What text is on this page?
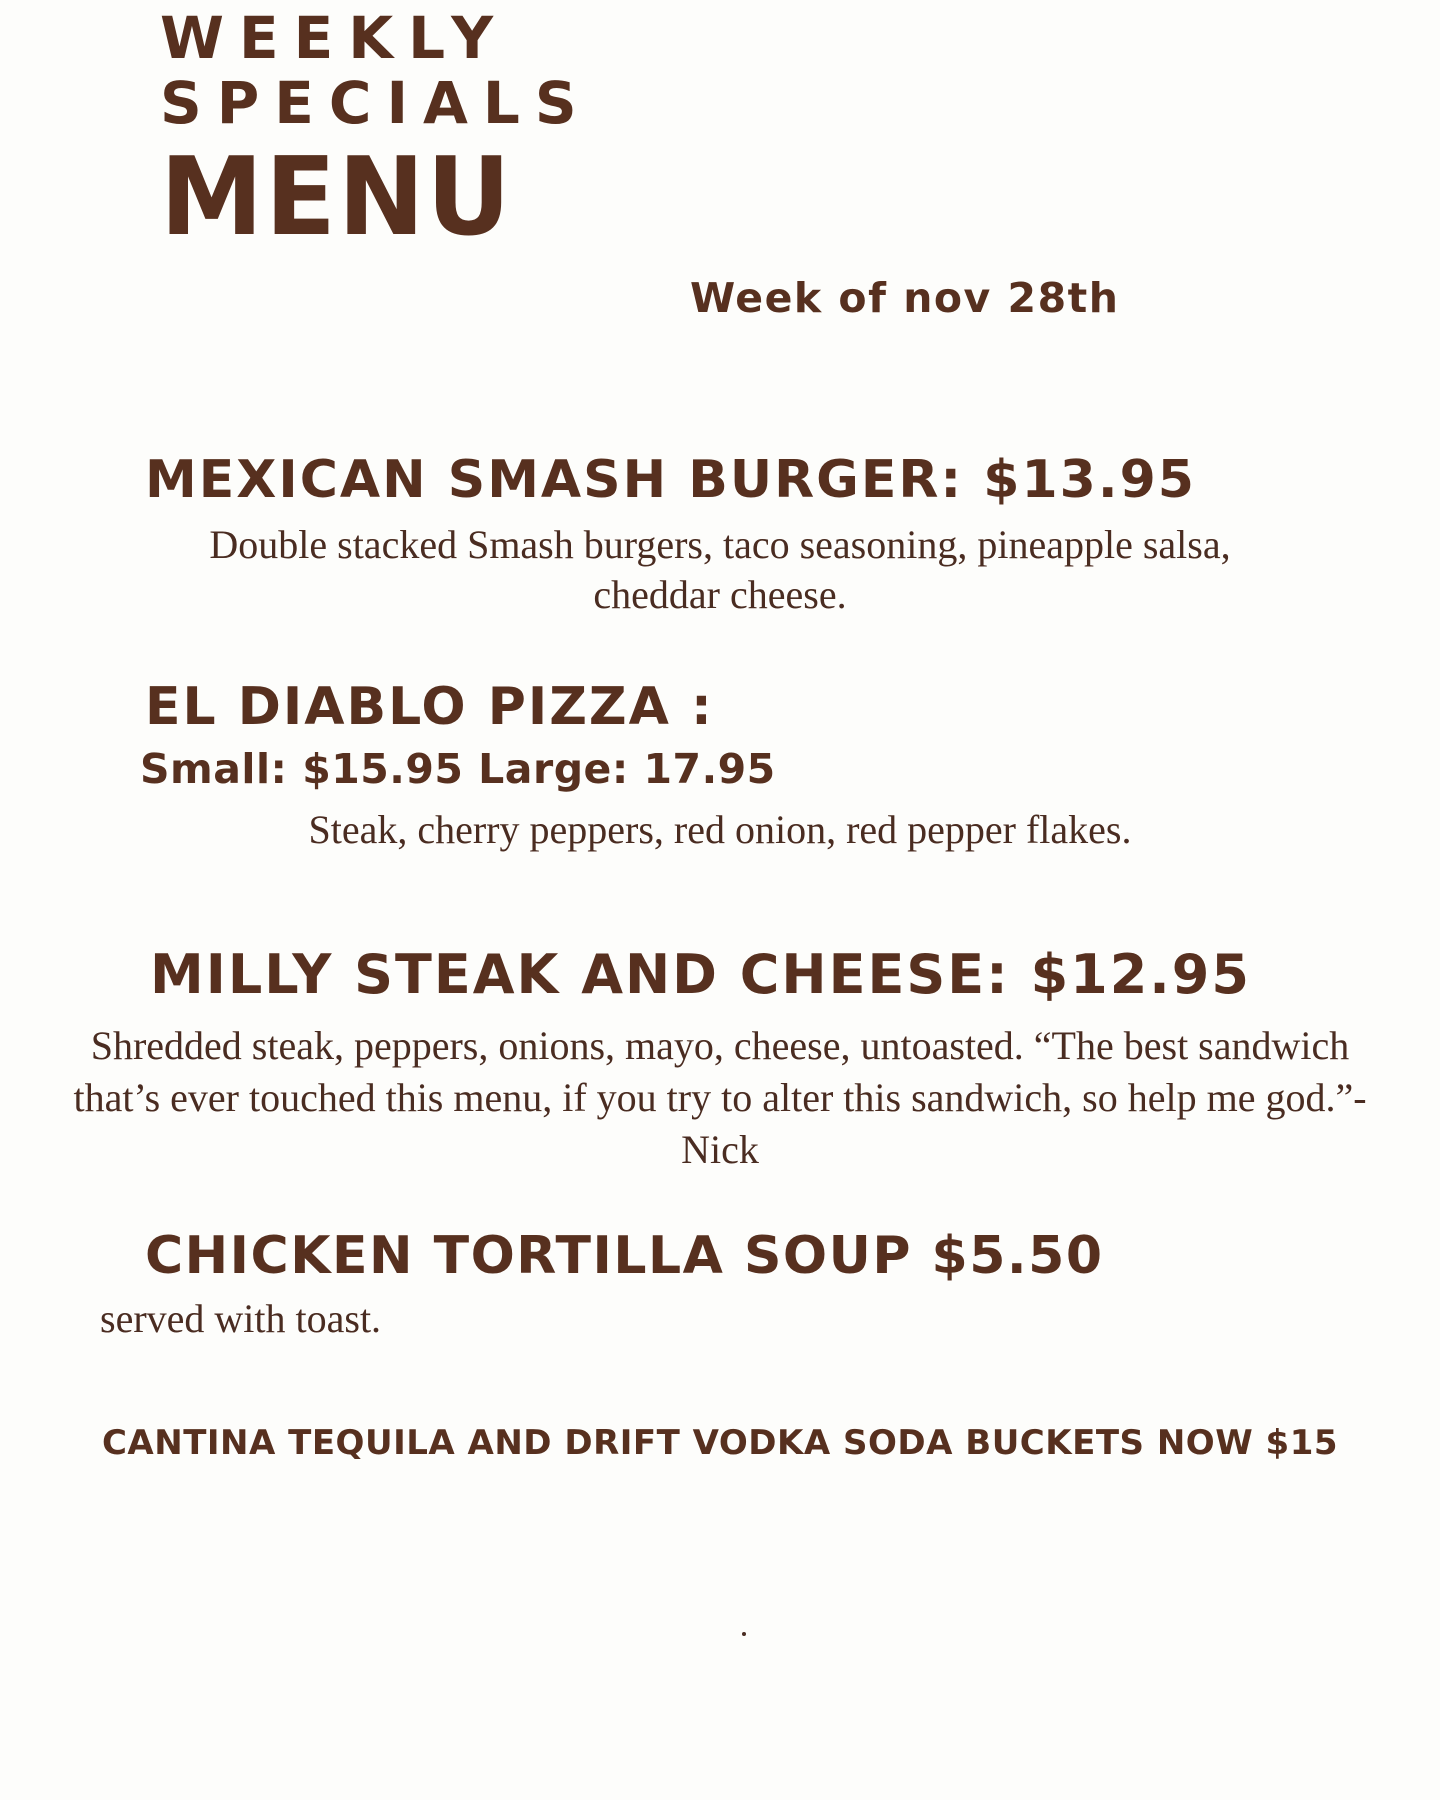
WEEKLY
SPECIALS
MENU
Week of nov 28th
MEXICAN SMASH BURGER: $13.95
Double stacked Smash burgers, taco seasoning, pineapple salsa, cheddar cheese.
EL DIABLO PIZZA :
Small: $15.95 Large: 17.95
Steak, cherry peppers, red onion, red pepper flakes.
MILLY STEAK AND CHEESE: $12.95
Shredded steak, peppers, onions, mayo, cheese, untoasted. “The best sandwich that’s ever touched this menu, if you try to alter this sandwich, so help me god.”- Nick
CHICKEN TORTILLA SOUP $5.50
served with toast.
CANTINA TEQUILA AND DRIFT VODKA SODA BUCKETS NOW $15
